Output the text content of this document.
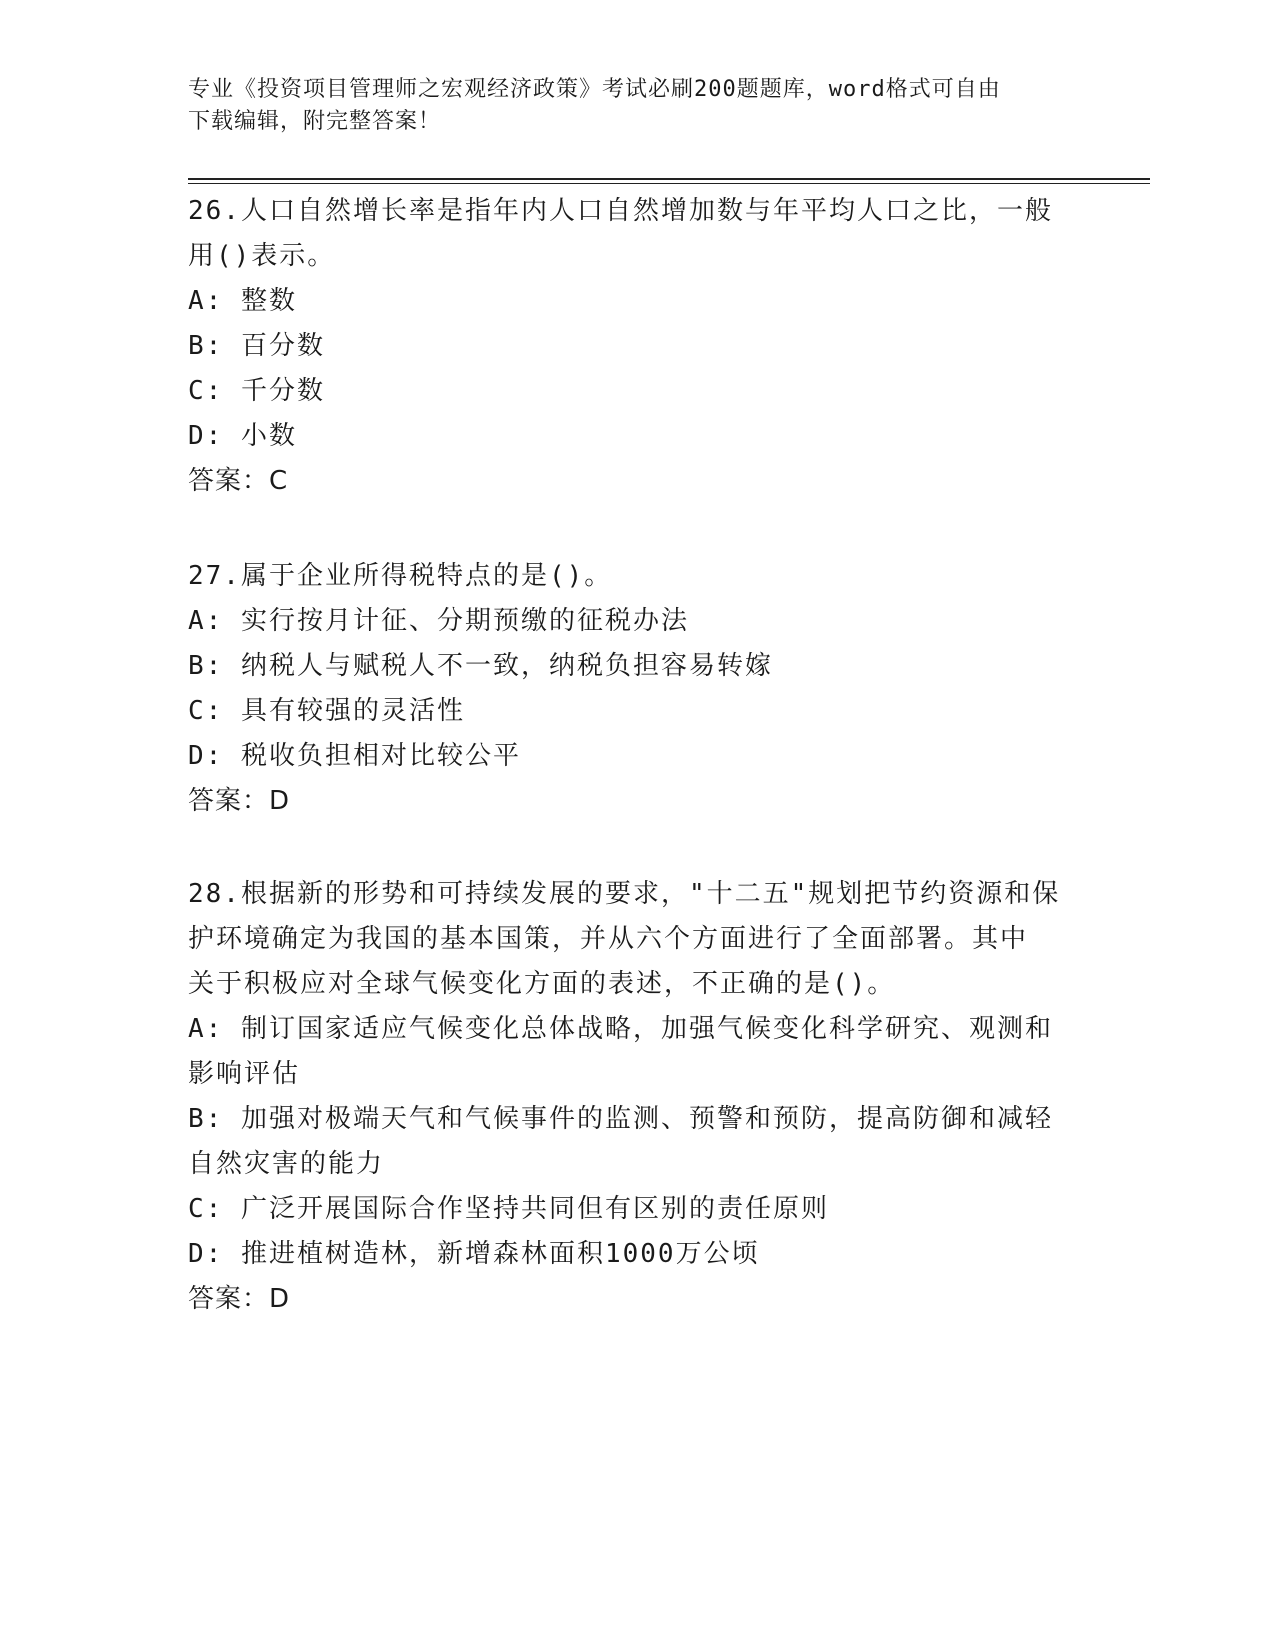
专业《投资项目管理师之宏观经济政策》考试必刷200题题库，word格式可自由
下载编辑，附完整答案！
26.人口自然增长率是指年内人口自然增加数与年平均人口之比，一般
用()表示。
A: 整数
B: 百分数
C: 千分数
D: 小数
答案：C
27.属于企业所得税特点的是()。
A: 实行按月计征、分期预缴的征税办法
B: 纳税人与赋税人不一致，纳税负担容易转嫁
C: 具有较强的灵活性
D: 税收负担相对比较公平
答案：D
28.根据新的形势和可持续发展的要求，"十二五"规划把节约资源和保
护环境确定为我国的基本国策，并从六个方面进行了全面部署。其中
关于积极应对全球气候变化方面的表述，不正确的是()。
A: 制订国家适应气候变化总体战略，加强气候变化科学研究、观测和
影响评估
B: 加强对极端天气和气候事件的监测、预警和预防，提高防御和减轻
自然灾害的能力
C: 广泛开展国际合作坚持共同但有区别的责任原则
D: 推进植树造林，新增森林面积1000万公顷
答案：D
